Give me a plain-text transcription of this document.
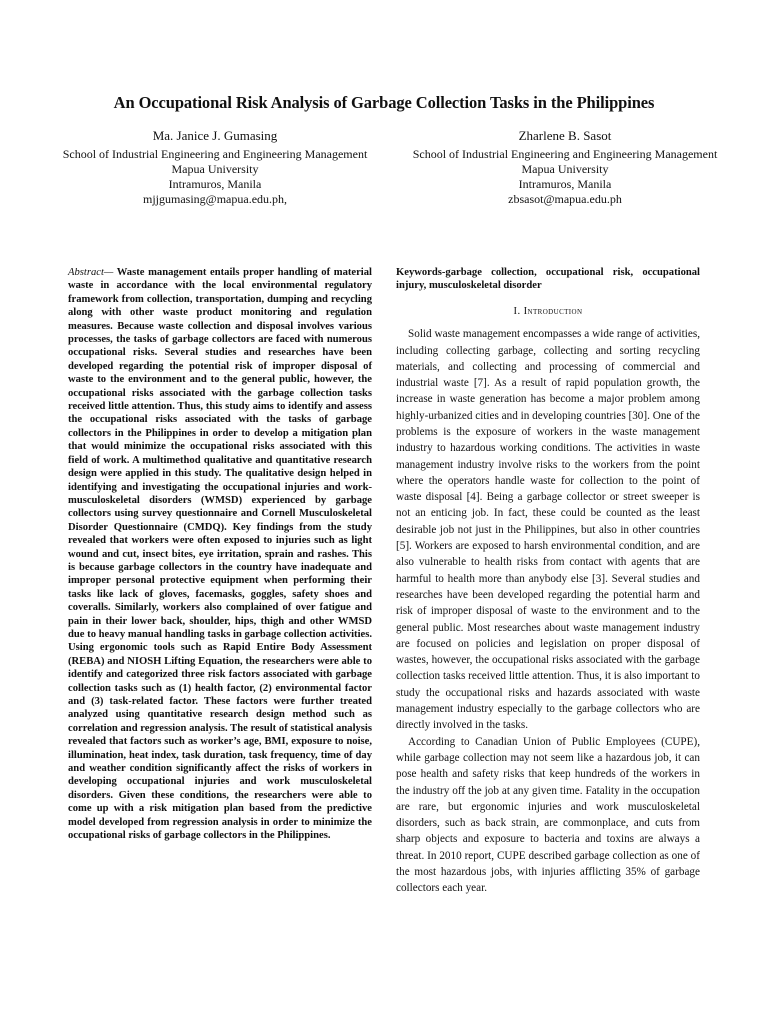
An Occupational Risk Analysis of Garbage Collection Tasks in the Philippines
Ma. Janice J. Gumasing
School of Industrial Engineering and Engineering Management
Mapua University
Intramuros, Manila
mjjgumasing@mapua.edu.ph,
Zharlene B. Sasot
School of Industrial Engineering and Engineering Management
Mapua University
Intramuros, Manila
zbsasot@mapua.edu.ph
Abstract— Waste management entails proper handling of material waste in accordance with the local environmental regulatory framework from collection, transportation, dumping and recycling along with other waste product monitoring and regulation measures. Because waste collection and disposal involves various processes, the tasks of garbage collectors are faced with numerous occupational risks. Several studies and researches have been developed regarding the potential risk of improper disposal of waste to the environment and to the general public, however, the occupational risks associated with the garbage collection tasks received little attention. Thus, this study aims to identify and assess the occupational risks associated with the tasks of garbage collectors in the Philippines in order to develop a mitigation plan that would minimize the occupational risks associated with this field of work. A multimethod qualitative and quantitative research design were applied in this study. The qualitative design helped in identifying and investigating the occupational injuries and work-musculoskeletal disorders (WMSD) experienced by garbage collectors using survey questionnaire and Cornell Musculoskeletal Disorder Questionnaire (CMDQ). Key findings from the study revealed that workers were often exposed to injuries such as light wound and cut, insect bites, eye irritation, sprain and rashes. This is because garbage collectors in the country have inadequate and improper personal protective equipment when performing their tasks like lack of gloves, facemasks, goggles, safety shoes and coveralls. Similarly, workers also complained of over fatigue and pain in their lower back, shoulder, hips, thigh and other WMSD due to heavy manual handling tasks in garbage collection activities. Using ergonomic tools such as Rapid Entire Body Assessment (REBA) and NIOSH Lifting Equation, the researchers were able to identify and categorized three risk factors associated with garbage collection tasks such as (1) health factor, (2) environmental factor and (3) task-related factor. These factors were further treated analyzed using quantitative research design method such as correlation and regression analysis. The result of statistical analysis revealed that factors such as worker’s age, BMI, exposure to noise, illumination, heat index, task duration, task frequency, time of day and weather condition significantly affect the risks of workers in developing occupational injuries and work musculoskeletal disorders. Given these conditions, the researchers were able to come up with a risk mitigation plan based from the predictive model developed from regression analysis in order to minimize the occupational risks of garbage collectors in the Philippines.

Keywords-garbage collection, occupational risk, occupational injury, musculoskeletal disorder

I. Introduction

Solid waste management encompasses a wide range of activities, including collecting garbage, collecting and sorting recycling materials, and collecting and processing of commercial and industrial waste [7]. As a result of rapid population growth, the increase in waste generation has become a major problem among highly-urbanized cities and in developing countries [30]. One of the problems is the exposure of workers in the waste management industry to hazardous working conditions. The activities in waste management industry involve risks to the workers from the point where the operators handle waste for collection to the point of waste disposal [4]. Being a garbage collector or street sweeper is not an enticing job. In fact, these could be counted as the least desirable job not just in the Philippines, but also in other countries [5]. Workers are exposed to harsh environmental condition, and are also vulnerable to health risks from contact with agents that are harmful to health more than anybody else [3]. Several studies and researches have been developed regarding the potential harm and risk of improper disposal of waste to the environment and to the general public. Most researches about waste management industry are focused on policies and legislation on proper disposal of wastes, however, the occupational risks associated with the garbage collection tasks received little attention. Thus, it is also important to study the occupational risks and hazards associated with waste management industry especially to the garbage collectors who are directly involved in the tasks.

According to Canadian Union of Public Employees (CUPE), while garbage collection may not seem like a hazardous job, it can pose health and safety risks that keep hundreds of the workers in the industry off the job at any given time. Fatality in the occupation are rare, but ergonomic injuries and work musculoskeletal disorders, such as back strain, are commonplace, and cuts from sharp objects and exposure to bacteria and toxins are always a threat. In 2010 report, CUPE described garbage collection as one of the most hazardous jobs, with injuries afflicting 35% of garbage collectors each year.
